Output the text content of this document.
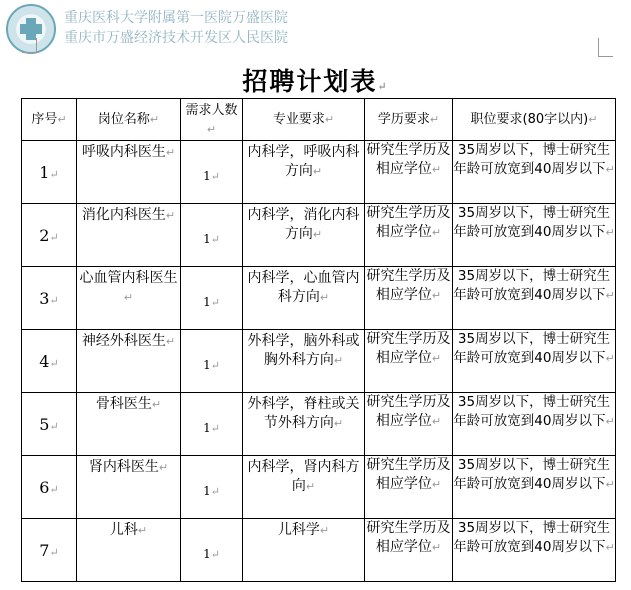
重庆医科大学附属第一医院万盛医院
重庆市万盛经济技术开发区人民医院
招聘计划表↵
序号↵	岗位名称↵	需求人数↵	专业要求↵	学历要求↵	职位要求(80字以内)↵

1↵	呼吸内科医生↵	1↵	内科学，呼吸内科方向↵	研究生学历及相应学位↵	35周岁以下，博士研究生年龄可放宽到40周岁以下↵

2↵	消化内科医生↵	1↵	内科学，消化内科方向↵	研究生学历及相应学位↵	35周岁以下，博士研究生年龄可放宽到40周岁以下↵

3↵	心血管内科医生↵	1↵	内科学，心血管内科方向↵	研究生学历及相应学位↵	35周岁以下，博士研究生年龄可放宽到40周岁以下↵

4↵	神经外科医生↵	1↵	外科学，脑外科或胸外科方向↵	研究生学历及相应学位↵	35周岁以下，博士研究生年龄可放宽到40周岁以下↵

5↵	骨科医生↵	1↵	外科学，脊柱或关节外科方向↵	研究生学历及相应学位↵	35周岁以下，博士研究生年龄可放宽到40周岁以下↵

6↵	肾内科医生↵	1↵	内科学，肾内科方向↵	研究生学历及相应学位↵	35周岁以下，博士研究生年龄可放宽到40周岁以下↵

7↵	儿科↵	1↵	儿科学↵	研究生学历及相应学位↵	35周岁以下，博士研究生年龄可放宽到40周岁以下↵
